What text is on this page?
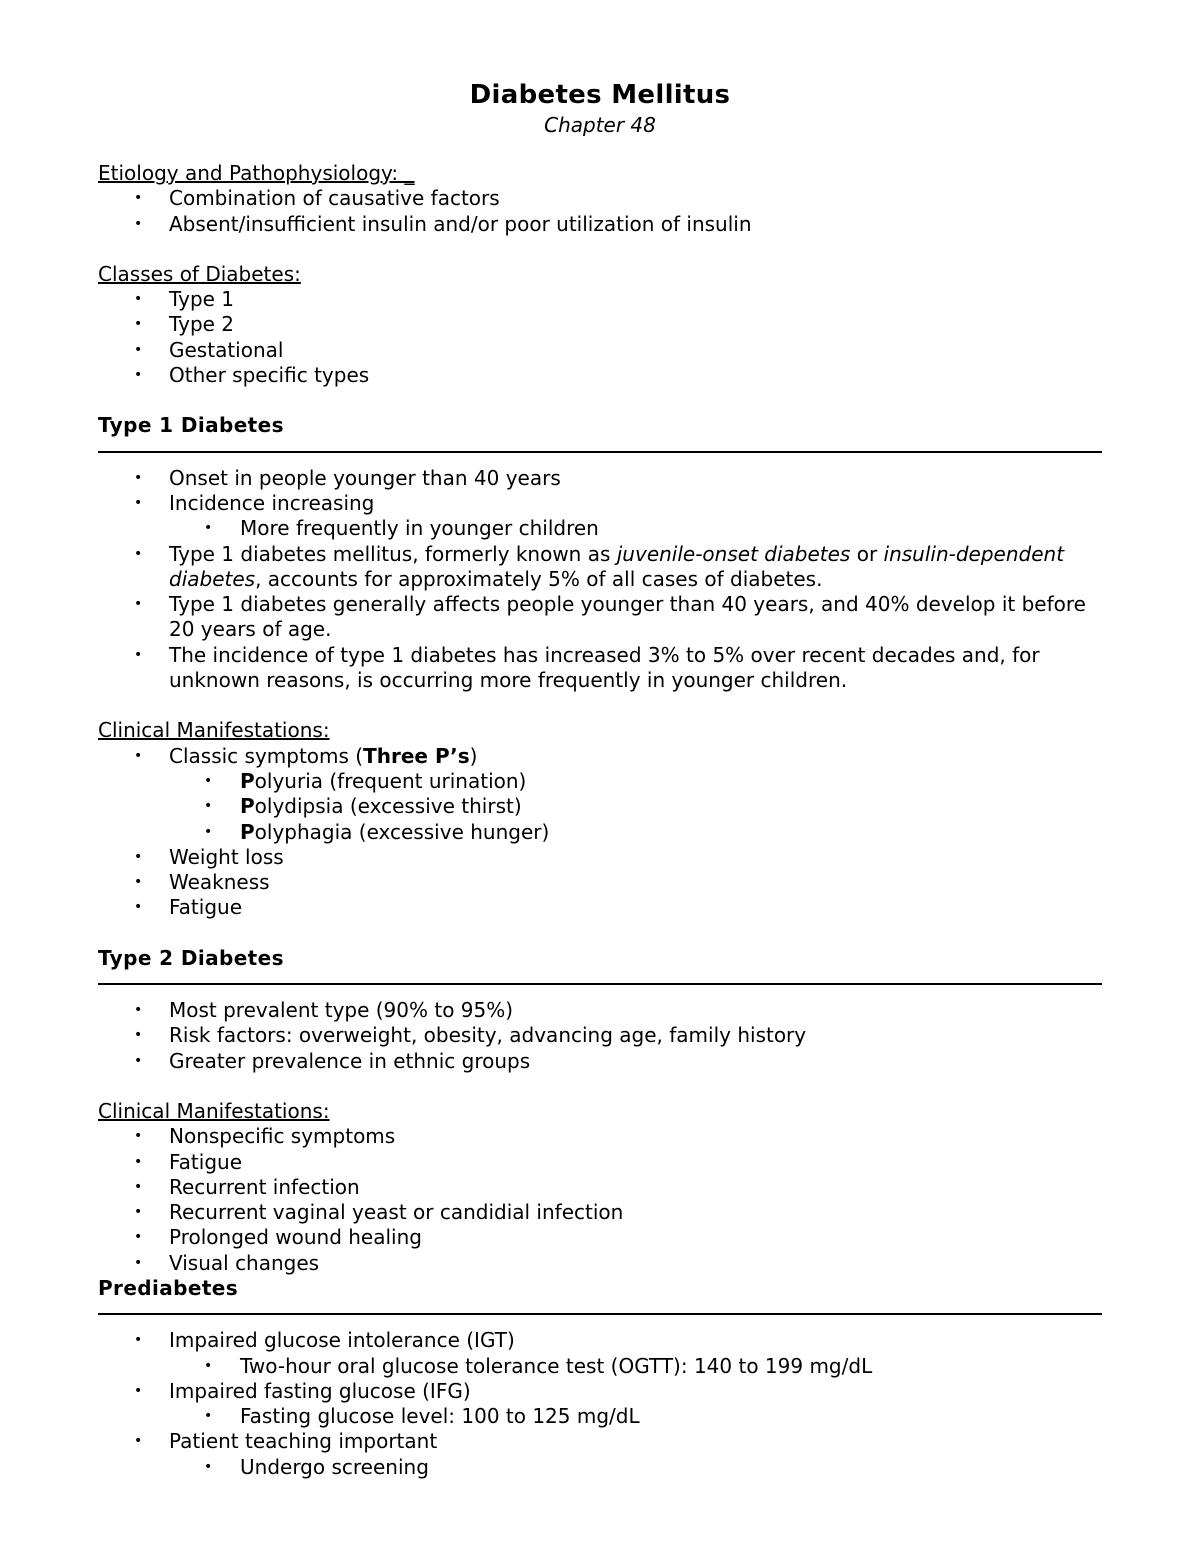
Diabetes Mellitus

Chapter 48

Etiology and Pathophysiology: _

• Combination of causative factors
• Absent/insufficient insulin and/or poor utilization of insulin

Classes of Diabetes:

• Type 1
• Type 2
• Gestational
• Other specific types

Type 1 Diabetes

• Onset in people younger than 40 years
• Incidence increasing
• More frequently in younger children
• Type 1 diabetes mellitus, formerly known as juvenile-onset diabetes or insulin-dependent diabetes, accounts for approximately 5% of all cases of diabetes.
• Type 1 diabetes generally affects people younger than 40 years, and 40% develop it before 20 years of age.
• The incidence of type 1 diabetes has increased 3% to 5% over recent decades and, for unknown reasons, is occurring more frequently in younger children.

Clinical Manifestations:

• Classic symptoms (Three P’s)
• Polyuria (frequent urination)
• Polydipsia (excessive thirst)
• Polyphagia (excessive hunger)
• Weight loss
• Weakness
• Fatigue

Type 2 Diabetes

• Most prevalent type (90% to 95%)
• Risk factors: overweight, obesity, advancing age, family history
• Greater prevalence in ethnic groups

Clinical Manifestations:

• Nonspecific symptoms
• Fatigue
• Recurrent infection
• Recurrent vaginal yeast or candidial infection
• Prolonged wound healing
• Visual changes

Prediabetes

• Impaired glucose intolerance (IGT)
• Two-hour oral glucose tolerance test (OGTT): 140 to 199 mg/dL
• Impaired fasting glucose (IFG)
• Fasting glucose level: 100 to 125 mg/dL
• Patient teaching important
• Undergo screening
